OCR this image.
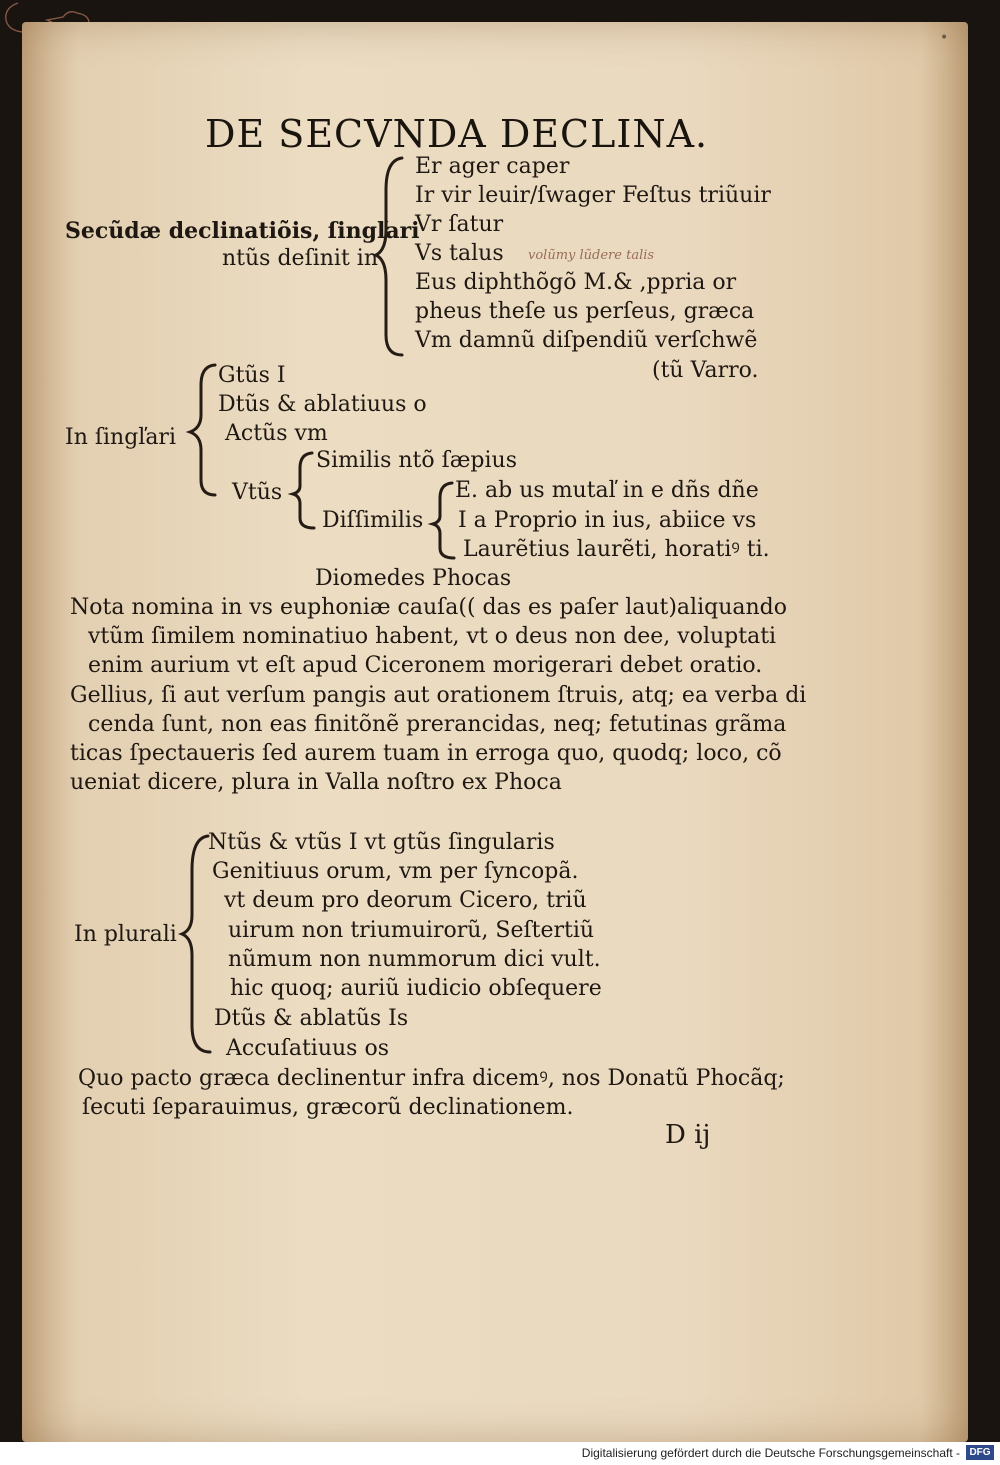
•
DE SECVNDA DECLINA.
Secũdæ declinatiõis, ſingľari
ntũs deſinit in
Er ager caper
Ir vir leuir/ſwager Feſtus triũuir
Vr ſatur
Vs talus volũmy lũdere talis

Eus diphthõgõ M.& ,ppria or
pheus theſe us perſeus, græca
Vm damnũ diſpendiũ verſchwẽ
(tũ Varro.
In ſingľari
Gtũs I
Dtũs & ablatiuus o
Actũs vm
Vtũs
Similis ntõ ſæpius
Diſſimilis
E. ab us mutaľ in e dñs dñe
I a Proprio in ius, abiice vs
Laurẽtius laurẽti, horatiꝰ ti.
Diomedes Phocas
Nota nomina in vs euphoniæ cauſa(( das es paſer laut)aliquando
vtũm ſimilem nominatiuo habent, vt o deus non dee, voluptati
enim aurium vt eſt apud Ciceronem morigerari debet oratio.
Gellius, ſi aut verſum pangis aut orationem ſtruis, atq; ea verba di
cenda ſunt, non eas finitõnẽ prerancidas, neq; fetutinas grãma
ticas ſpectaueris ſed aurem tuam in erroga quo, quodq; loco, cõ
ueniat dicere, plura in Valla noſtro ex Phoca
In plurali
Ntũs & vtũs I vt gtũs ſingularis
Genitiuus orum, vm per ſyncopã.
vt deum pro deorum Cicero, triũ
uirum non triumuirorũ, Seſtertiũ
nũmum non nummorum dici vult.
hic quoq; auriũ iudicio obſequere
Dtũs & ablatũs Is
Accuſatiuus os
Quo pacto græca declinentur infra dicemꝰ, nos Donatũ Phocãq;
ſecuti ſeparauimus, græcorũ declinationem.
D ij
Digitalisierung gefördert durch die Deutsche Forschungsgemeinschaft - DFG
